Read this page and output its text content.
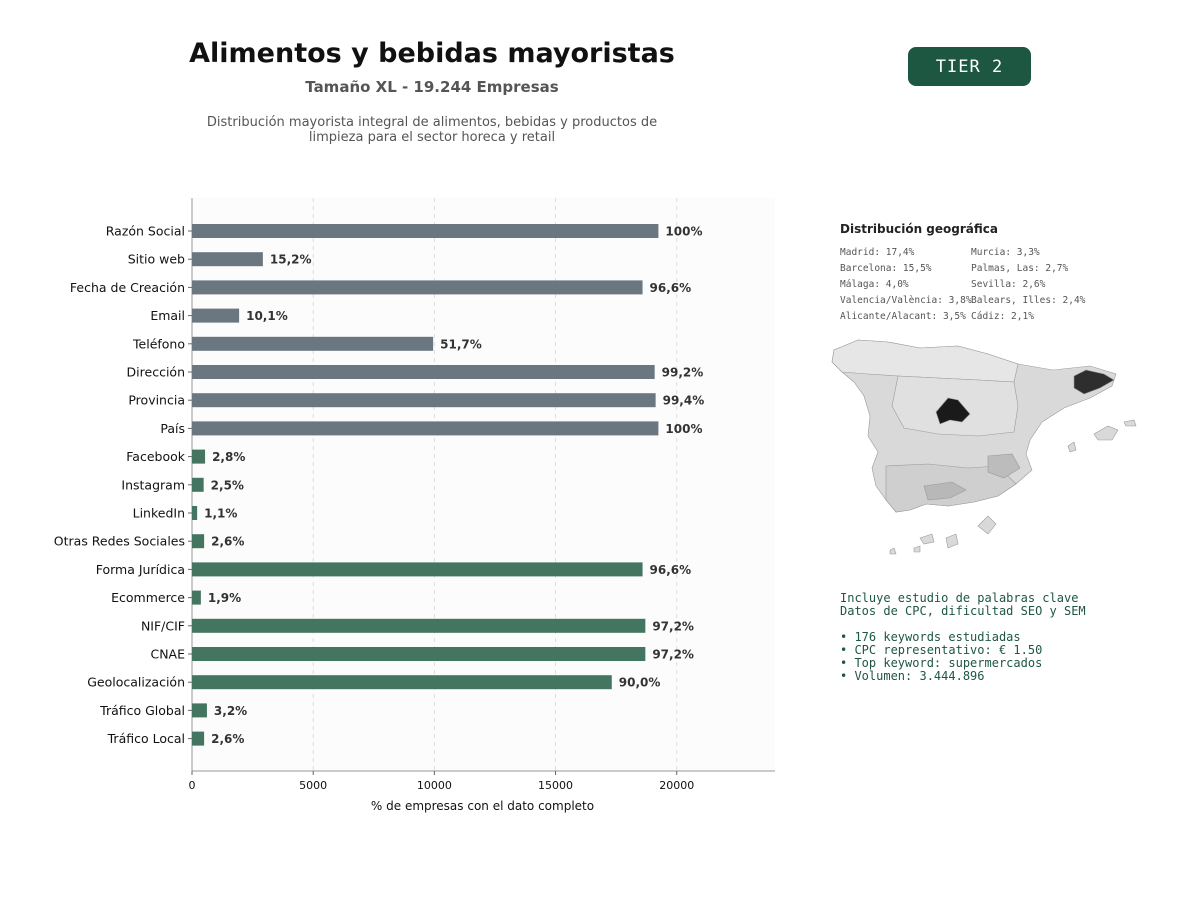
Alimentos y bebidas mayoristas
Tamaño XL - 19.244 Empresas
Distribución mayorista integral de alimentos, bebidas y productos de limpieza para el sector horeca y retail
TIER 2
0	5000	10000	15000	20000
% de empresas con el dato completo
Razón Social	100%
Sitio web	15,2%
Fecha de Creación	96,6%
Email	10,1%
Teléfono	51,7%
Dirección	99,2%
Provincia	99,4%
País	100%
Facebook 2,8%
Instagram 2,5%
LinkedIn 1,1%
Otras Redes Sociales 2,6%
Forma Jurídica	96,6%
Ecommerce 1,9%
NIF/CIF	97,2%
CNAE	97,2%
Geolocalización	90,0%
Tráfico Global 3,2%
Tráfico Local 2,6%
Distribución geográfica
Madrid: 17,4%	Murcia: 3,3%
Barcelona: 15,5%	Palmas, Las: 2,7%
Málaga: 4,0%	Sevilla: 2,6%
Valencia/València: 3,8% Balears, Illes: 2,4%
Alicante/Alacant: 3,5% Cádiz: 2,1%
Incluye estudio de palabras clave
Datos de CPC, dificultad SEO y SEM
• 176 keywords estudiadas
• CPC representativo: € 1.50
• Top keyword: supermercados
• Volumen: 3.444.896
